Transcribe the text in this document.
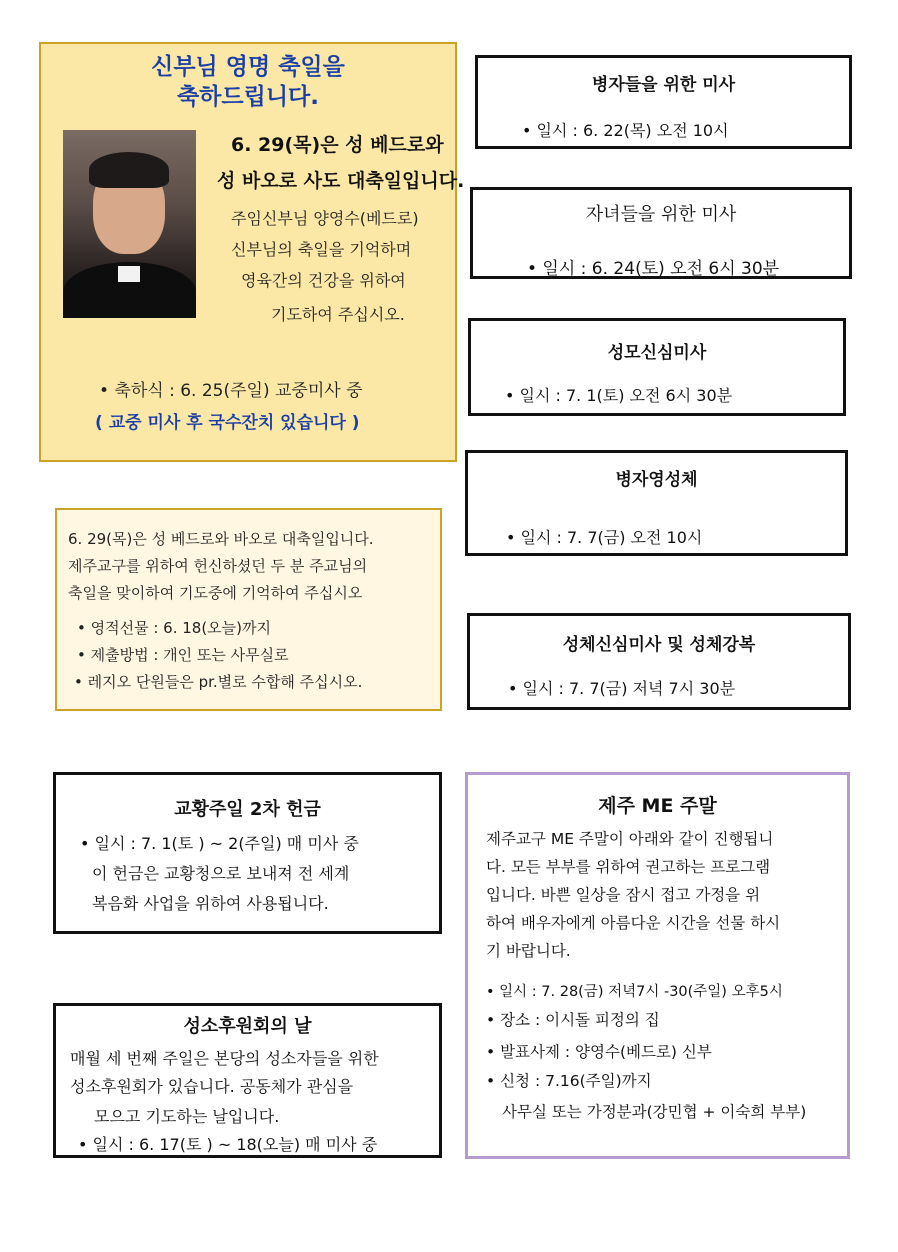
신부님 영명 축일을
축하드립니다.
6. 29(목)은 성 베드로와
성 바오로 사도 대축일입니다.
주임신부님 양영수(베드로)
신부님의 축일을 기억하며
영육간의 건강을 위하여
기도하여 주십시오.
• 축하식 : 6. 25(주일) 교중미사 중
( 교중 미사 후 국수잔치 있습니다 )
병자들을 위한 미사
• 일시 : 6. 22(목) 오전 10시
자녀들을 위한 미사
• 일시 : 6. 24(토) 오전 6시 30분
성모신심미사
• 일시 : 7. 1(토) 오전 6시 30분
병자영성체
• 일시 : 7. 7(금) 오전 10시
성체신심미사 및 성체강복
• 일시 : 7. 7(금) 저녁 7시 30분
6. 29(목)은 성 베드로와 바오로 대축일입니다.
제주교구를 위하여 헌신하셨던 두 분 주교님의
축일을 맞이하여 기도중에 기억하여 주십시오
• 영적선물 : 6. 18(오늘)까지
• 제출방법 : 개인 또는 사무실로
• 레지오 단원들은 pr.별로 수합해 주십시오.
교황주일 2차 헌금
• 일시 : 7. 1(토 ) ~ 2(주일) 매 미사 중
이 헌금은 교황청으로 보내져 전 세계
복음화 사업을 위하여 사용됩니다.
성소후원회의 날
매월 세 번째 주일은 본당의 성소자들을 위한
성소후원회가 있습니다. 공동체가 관심을
모으고 기도하는 날입니다.
• 일시 : 6. 17(토 ) ~ 18(오늘) 매 미사 중
제주 ME 주말
제주교구 ME 주말이 아래와 같이 진행됩니
다. 모든 부부를 위하여 권고하는 프로그램
입니다. 바쁜 일상을 잠시 접고 가정을 위
하여 배우자에게 아름다운 시간을 선물 하시
기 바랍니다.
• 일시 : 7. 28(금) 저녁7시 -30(주일) 오후5시
• 장소 : 이시돌 피정의 집
• 발표사제 : 양영수(베드로) 신부
• 신청 : 7.16(주일)까지
사무실 또는 가정분과(강민협 + 이숙희 부부)
